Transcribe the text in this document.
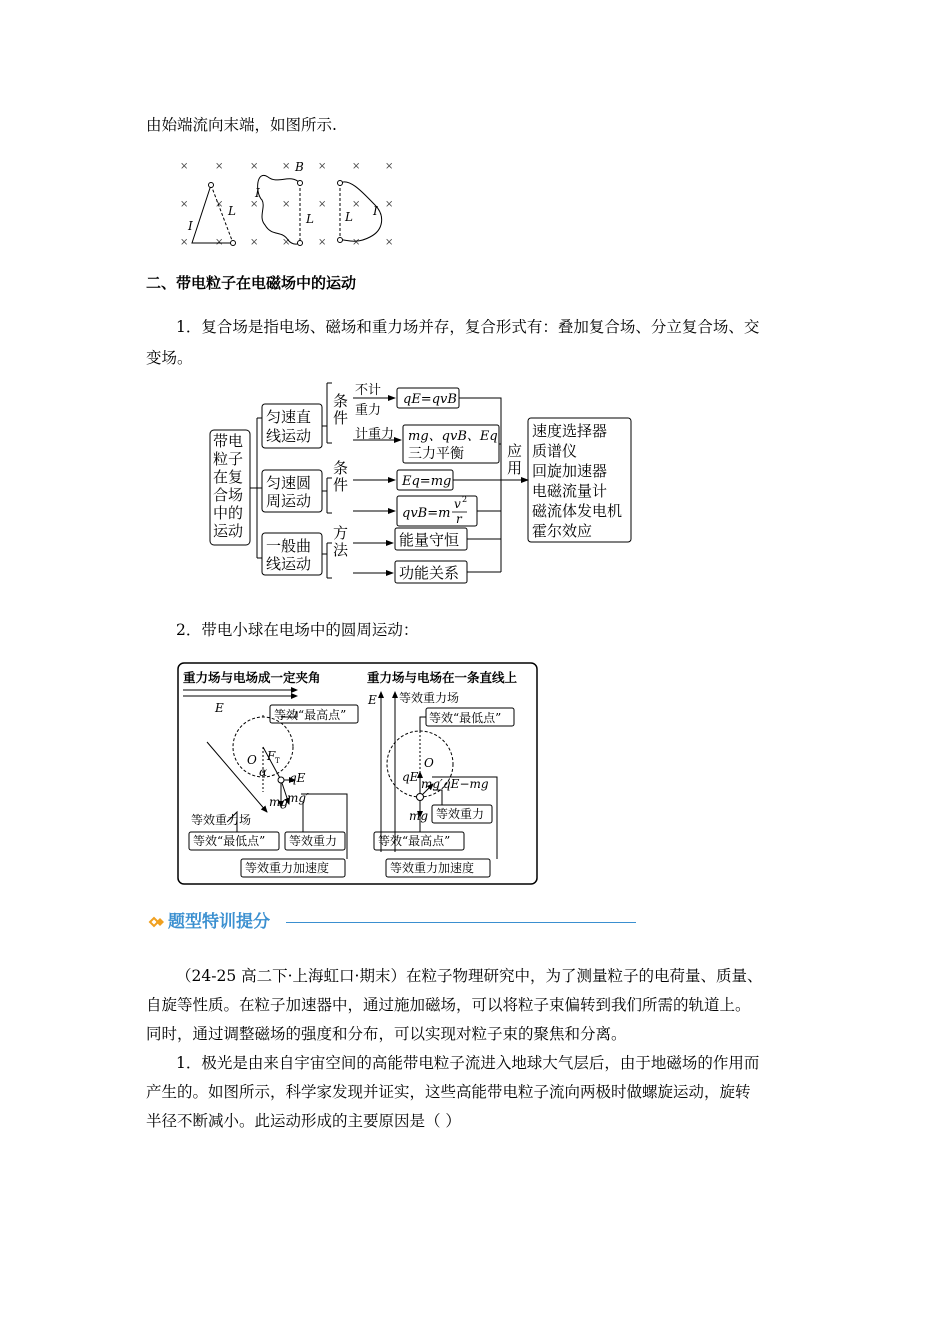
由始端流向末端，如图所示.
×	×	× ×	×	× ×
×	×	× ×	×	× ×
×	×	× ×	×	× ×
I
L
I
L
B
L I
二、带电粒子在电磁场中的运动
1．复合场是指电场、磁场和重力场并存，复合形式有：叠加复合场、分立复合场、交
变场。
带电
粒子
在复
合场
中的
运动
匀速直
线运动
匀速圆
周运动
一般曲
线运动
条
件
条
件
方
法
不计
重力
计重力
qE=qvB
mg、qvB、Eq
三力平衡
Eq=mg
qvB=m
v 2
r
能量守恒
功能关系
应
用
速度选择器
质谱仪
回旋加速器
电磁流量计
磁流体发电机
霍尔效应
2．带电小球在电场中的圆周运动：
重力场与电场成一定夹角	重力场与电场在一条直线上
E	等效“最高点”
O F T
α qE
mg
mg′
等效重力场
等效“最低点” 等效重力
等效重力加速度
E 等效重力场
等效“最低点”
O
qE mg′ qE−mg
mg 等效重力
等效“最高点”
等效重力加速度
题型特训提分
（24-25 高二下·上海虹口·期末）在粒子物理研究中，为了测量粒子的电荷量、质量、
自旋等性质。在粒子加速器中，通过施加磁场，可以将粒子束偏转到我们所需的轨道上。
同时，通过调整磁场的强度和分布，可以实现对粒子束的聚焦和分离。
1．极光是由来自宇宙空间的高能带电粒子流进入地球大气层后，由于地磁场的作用而
产生的。如图所示，科学家发现并证实，这些高能带电粒子流向两极时做螺旋运动，旋转
半径不断减小。此运动形成的主要原因是（ ）
